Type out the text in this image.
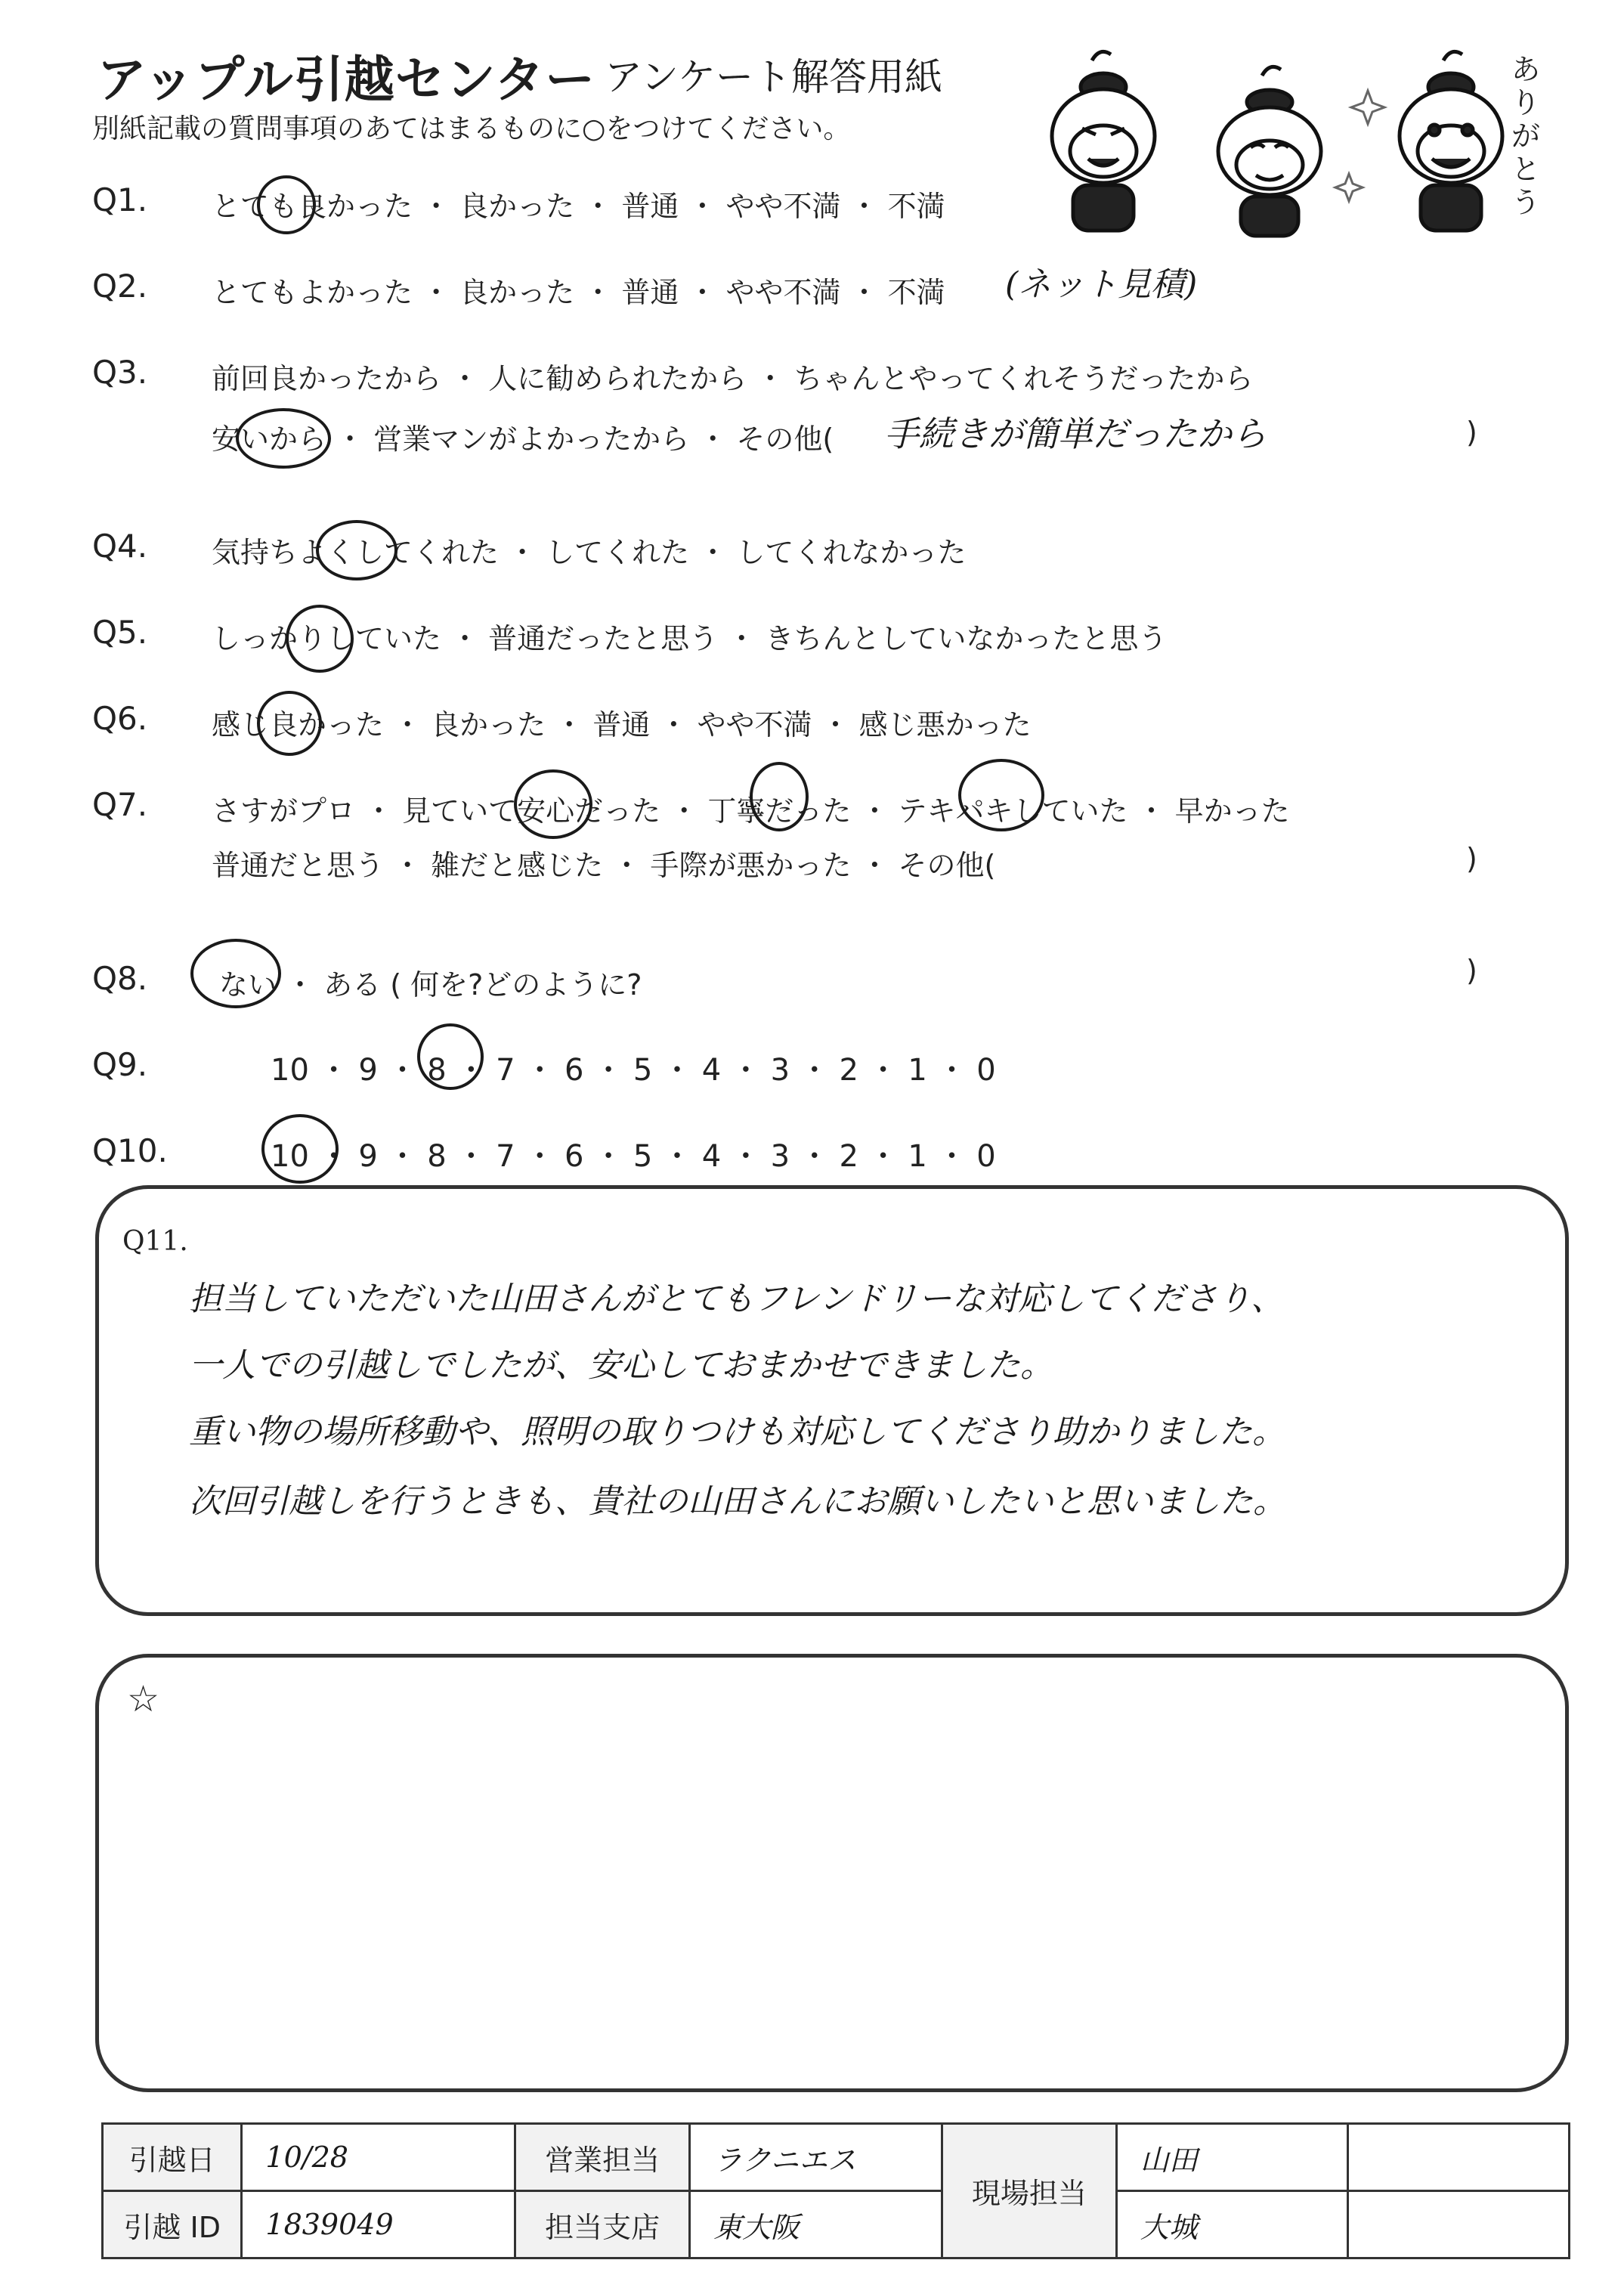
アップル引越センター アンケート解答用紙
別紙記載の質問事項のあてはまるものに○をつけてください。
あ
り
が
と
う
Q1. とても良かった ・ 良かった ・ 普通 ・ やや不満 ・ 不満
Q2. とてもよかった ・ 良かった ・ 普通 ・ やや不満 ・ 不満 (ネット見積)
Q3. 前回良かったから ・ 人に勧められたから ・ ちゃんとやってくれそうだったから
安いから ・ 営業マンがよかったから ・ その他( 手続きが簡単だったから	)
Q4. 気持ちよくしてくれた ・ してくれた ・ してくれなかった
Q5. しっかりしていた ・ 普通だったと思う ・ きちんとしていなかったと思う
Q6. 感じ良かった ・ 良かった ・ 普通 ・ やや不満 ・ 感じ悪かった
Q7. さすがプロ ・ 見ていて安心だった ・ 丁寧だった ・ テキパキしていた ・ 早かった
普通だと思う ・ 雑だと感じた ・ 手際が悪かった ・ その他(	)
Q8. ない ・ ある ( 何を?どのように?	)
Q9.	10 ・ 9 ・ 8 ・ 7 ・ 6 ・ 5 ・ 4 ・ 3 ・ 2 ・ 1 ・ 0
Q10.	10 ・ 9 ・ 8 ・ 7 ・ 6 ・ 5 ・ 4 ・ 3 ・ 2 ・ 1 ・ 0
Q11.
担当していただいた山田さんがとてもフレンドリーな対応してくださり、
一人での引越しでしたが、安心しておまかせできました。
重い物の場所移動や、照明の取りつけも対応してくださり助かりました。
次回引越しを行うときも、貴社の山田さんにお願いしたいと思いました。
☆
引越日	10/28	営業担当	ラクニエス	現場担当	山田	
引越 ID	1839049	担当支店	東大阪		大城	
